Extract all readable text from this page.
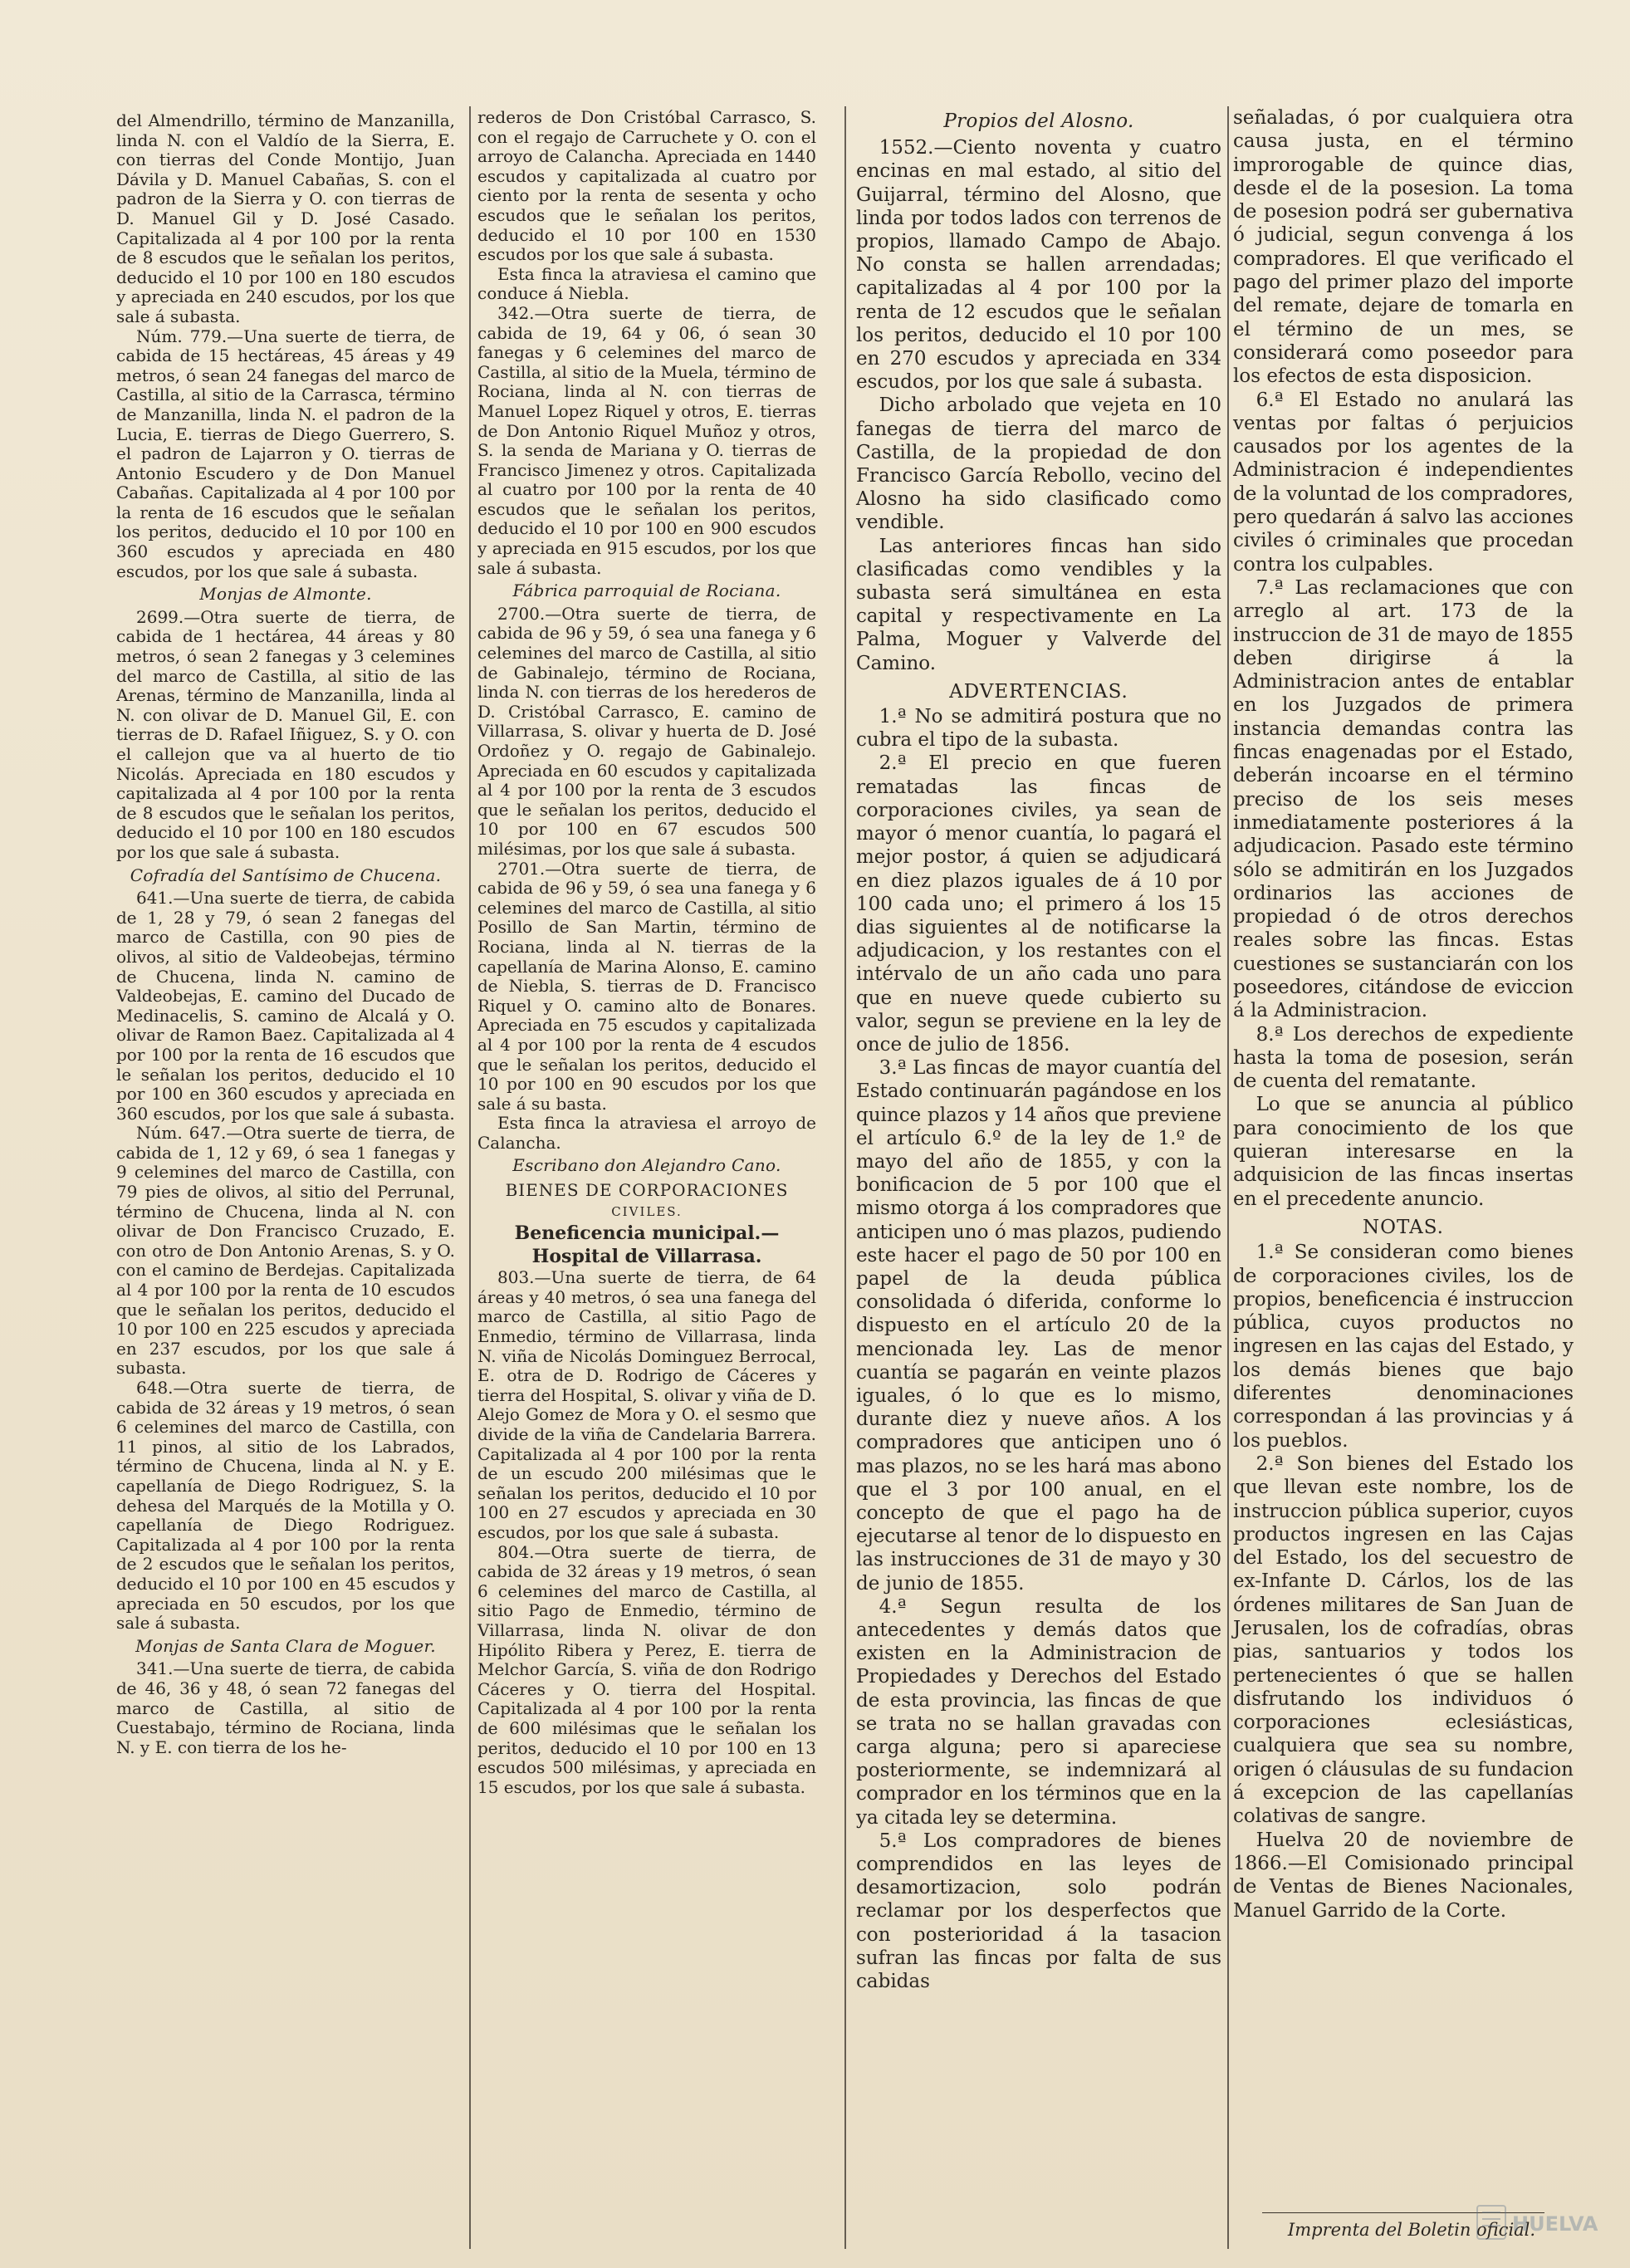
del Almendrillo, término de Manzanilla, linda N. con el Valdío de la Sierra, E. con tierras del Conde Montijo, Juan Dávila y D. Manuel Cabañas, S. con el padron de la Sierra y O. con tierras de D. Manuel Gil y D. José Casado. Capitalizada al 4 por 100 por la renta de 8 escudos que le señalan los peritos, deducido el 10 por 100 en 180 escudos y apreciada en 240 escudos, por los que sale á subasta.

Núm. 779.—Una suerte de tierra, de cabida de 15 hectáreas, 45 áreas y 49 metros, ó sean 24 fanegas del marco de Castilla, al sitio de la Carrasca, término de Manzanilla, linda N. el padron de la Lucia, E. tierras de Diego Guerrero, S. el padron de Lajarron y O. tierras de Antonio Escudero y de Don Manuel Cabañas. Capitalizada al 4 por 100 por la renta de 16 escudos que le señalan los peritos, deducido el 10 por 100 en 360 escudos y apreciada en 480 escudos, por los que sale á subasta.

Monjas de Almonte.

2699.—Otra suerte de tierra, de cabida de 1 hectárea, 44 áreas y 80 metros, ó sean 2 fanegas y 3 celemines del marco de Castilla, al sitio de las Arenas, término de Manzanilla, linda al N. con olivar de D. Manuel Gil, E. con tierras de D. Rafael Iñiguez, S. y O. con el callejon que va al huerto de tio Nicolás. Apreciada en 180 escudos y capitalizada al 4 por 100 por la renta de 8 escudos que le señalan los peritos, deducido el 10 por 100 en 180 escudos por los que sale á subasta.

Cofradía del Santísimo de Chucena.

641.—Una suerte de tierra, de cabida de 1, 28 y 79, ó sean 2 fanegas del marco de Castilla, con 90 pies de olivos, al sitio de Valdeobejas, término de Chucena, linda N. camino de Valdeobejas, E. camino del Ducado de Medinacelis, S. camino de Alcalá y O. olivar de Ramon Baez. Capitalizada al 4 por 100 por la renta de 16 escudos que le señalan los peritos, deducido el 10 por 100 en 360 escudos y apreciada en 360 escudos, por los que sale á subasta.

Núm. 647.—Otra suerte de tierra, de cabida de 1, 12 y 69, ó sea 1 fanegas y 9 celemines del marco de Castilla, con 79 pies de olivos, al sitio del Perrunal, término de Chucena, linda al N. con olivar de Don Francisco Cruzado, E. con otro de Don Antonio Arenas, S. y O. con el camino de Berdejas. Capitalizada al 4 por 100 por la renta de 10 escudos que le señalan los peritos, deducido el 10 por 100 en 225 escudos y apreciada en 237 escudos, por los que sale á subasta.

648.—Otra suerte de tierra, de cabida de 32 áreas y 19 metros, ó sean 6 celemines del marco de Castilla, con 11 pinos, al sitio de los Labrados, término de Chucena, linda al N. y E. capellanía de Diego Rodriguez, S. la dehesa del Marqués de la Motilla y O. capellanía de Diego Rodriguez. Capitalizada al 4 por 100 por la renta de 2 escudos que le señalan los peritos, deducido el 10 por 100 en 45 escudos y apreciada en 50 escudos, por los que sale á subasta.

Monjas de Santa Clara de Moguer.

341.—Una suerte de tierra, de cabida de 46, 36 y 48, ó sean 72 fanegas del marco de Castilla, al sitio de Cuestabajo, término de Rociana, linda N. y E. con tierra de los he-

rederos de Don Cristóbal Carrasco, S. con el regajo de Carruchete y O. con el arroyo de Calancha. Apreciada en 1440 escudos y capitalizada al cuatro por ciento por la renta de sesenta y ocho escudos que le señalan los peritos, deducido el 10 por 100 en 1530 escudos por los que sale á subasta.

Esta finca la atraviesa el camino que conduce á Niebla.

342.—Otra suerte de tierra, de cabida de 19, 64 y 06, ó sean 30 fanegas y 6 celemines del marco de Castilla, al sitio de la Muela, término de Rociana, linda al N. con tierras de Manuel Lopez Riquel y otros, E. tierras de Don Antonio Riquel Muñoz y otros, S. la senda de Mariana y O. tierras de Francisco Jimenez y otros. Capitalizada al cuatro por 100 por la renta de 40 escudos que le señalan los peritos, deducido el 10 por 100 en 900 escudos y apreciada en 915 escudos, por los que sale á subasta.

Fábrica parroquial de Rociana.

2700.—Otra suerte de tierra, de cabida de 96 y 59, ó sea una fanega y 6 celemines del marco de Castilla, al sitio de Gabinalejo, término de Rociana, linda N. con tierras de los herederos de D. Cristóbal Carrasco, E. camino de Villarrasa, S. olivar y huerta de D. José Ordoñez y O. regajo de Gabinalejo. Apreciada en 60 escudos y capitalizada al 4 por 100 por la renta de 3 escudos que le señalan los peritos, deducido el 10 por 100 en 67 escudos 500 milésimas, por los que sale á subasta.

2701.—Otra suerte de tierra, de cabida de 96 y 59, ó sea una fanega y 6 celemines del marco de Castilla, al sitio Posillo de San Martin, término de Rociana, linda al N. tierras de la capellanía de Marina Alonso, E. camino de Niebla, S. tierras de D. Francisco Riquel y O. camino alto de Bonares. Apreciada en 75 escudos y capitalizada al 4 por 100 por la renta de 4 escudos que le señalan los peritos, deducido el 10 por 100 en 90 escudos por los que sale á su basta.

Esta finca la atraviesa el arroyo de Calancha.

Escribano don Alejandro Cano.
BIENES DE CORPORACIONES
CIVILES.
Beneficencia municipal.—Hospital de Villarrasa.

803.—Una suerte de tierra, de 64 áreas y 40 metros, ó sea una fanega del marco de Castilla, al sitio Pago de Enmedio, término de Villarrasa, linda N. viña de Nicolás Dominguez Berrocal, E. otra de D. Rodrigo de Cáceres y tierra del Hospital, S. olivar y viña de D. Alejo Gomez de Mora y O. el sesmo que divide de la viña de Candelaria Barrera. Capitalizada al 4 por 100 por la renta de un escudo 200 milésimas que le señalan los peritos, deducido el 10 por 100 en 27 escudos y apreciada en 30 escudos, por los que sale á subasta.

804.—Otra suerte de tierra, de cabida de 32 áreas y 19 metros, ó sean 6 celemines del marco de Castilla, al sitio Pago de Enmedio, término de Villarrasa, linda N. olivar de don Hipólito Ribera y Perez, E. tierra de Melchor García, S. viña de don Rodrigo Cáceres y O. tierra del Hospital. Capitalizada al 4 por 100 por la renta de 600 milésimas que le señalan los peritos, deducido el 10 por 100 en 13 escudos 500 milésimas, y apreciada en 15 escudos, por los que sale á subasta.

Propios del Alosno.

1552.—Ciento noventa y cuatro encinas en mal estado, al sitio del Guijarral, término del Alosno, que linda por todos lados con terrenos de propios, llamado Campo de Abajo. No consta se hallen arrendadas; capitalizadas al 4 por 100 por la renta de 12 escudos que le señalan los peritos, deducido el 10 por 100 en 270 escudos y apreciada en 334 escudos, por los que sale á subasta.

Dicho arbolado que vejeta en 10 fanegas de tierra del marco de Castilla, de la propiedad de don Francisco García Rebollo, vecino del Alosno ha sido clasificado como vendible.

Las anteriores fincas han sido clasificadas como vendibles y la subasta será simultánea en esta capital y respectivamente en La Palma, Moguer y Valverde del Camino.

ADVERTENCIAS.

1.ª No se admitirá postura que no cubra el tipo de la subasta.

2.ª El precio en que fueren rematadas las fincas de corporaciones civiles, ya sean de mayor ó menor cuantía, lo pagará el mejor postor, á quien se adjudicará en diez plazos iguales de á 10 por 100 cada uno; el primero á los 15 dias siguientes al de notificarse la adjudicacion, y los restantes con el intérvalo de un año cada uno para que en nueve quede cubierto su valor, segun se previene en la ley de once de julio de 1856.

3.ª Las fincas de mayor cuantía del Estado continuarán pagándose en los quince plazos y 14 años que previene el artículo 6.º de la ley de 1.º de mayo del año de 1855, y con la bonificacion de 5 por 100 que el mismo otorga á los compradores que anticipen uno ó mas plazos, pudiendo este hacer el pago de 50 por 100 en papel de la deuda pública consolidada ó diferida, conforme lo dispuesto en el artículo 20 de la mencionada ley. Las de menor cuantía se pagarán en veinte plazos iguales, ó lo que es lo mismo, durante diez y nueve años. A los compradores que anticipen uno ó mas plazos, no se les hará mas abono que el 3 por 100 anual, en el concepto de que el pago ha de ejecutarse al tenor de lo dispuesto en las instrucciones de 31 de mayo y 30 de junio de 1855.

4.ª Segun resulta de los antecedentes y demás datos que existen en la Administracion de Propiedades y Derechos del Estado de esta provincia, las fincas de que se trata no se hallan gravadas con carga alguna; pero si apareciese posteriormente, se indemnizará al comprador en los términos que en la ya citada ley se determina.

5.ª Los compradores de bienes comprendidos en las leyes de desamortizacion, solo podrán reclamar por los desperfectos que con posterioridad á la tasacion sufran las fincas por falta de sus cabidas

señaladas, ó por cualquiera otra causa justa, en el término improrogable de quince dias, desde el de la posesion. La toma de posesion podrá ser gubernativa ó judicial, segun convenga á los compradores. El que verificado el pago del primer plazo del importe del remate, dejare de tomarla en el término de un mes, se considerará como poseedor para los efectos de esta disposicion.

6.ª El Estado no anulará las ventas por faltas ó perjuicios causados por los agentes de la Administracion é independientes de la voluntad de los compradores, pero quedarán á salvo las acciones civiles ó criminales que procedan contra los culpables.

7.ª Las reclamaciones que con arreglo al art. 173 de la instruccion de 31 de mayo de 1855 deben dirigirse á la Administracion antes de entablar en los Juzgados de primera instancia demandas contra las fincas enagenadas por el Estado, deberán incoarse en el término preciso de los seis meses inmediatamente posteriores á la adjudicacion. Pasado este término sólo se admitirán en los Juzgados ordinarios las acciones de propiedad ó de otros derechos reales sobre las fincas. Estas cuestiones se sustanciarán con los poseedores, citándose de eviccion á la Administracion.

8.ª Los derechos de expediente hasta la toma de posesion, serán de cuenta del rematante.

Lo que se anuncia al público para conocimiento de los que quieran interesarse en la adquisicion de las fincas insertas en el precedente anuncio.

NOTAS.

1.ª Se consideran como bienes de corporaciones civiles, los de propios, beneficencia é instruccion pública, cuyos productos no ingresen en las cajas del Estado, y los demás bienes que bajo diferentes denominaciones correspondan á las provincias y á los pueblos.

2.ª Son bienes del Estado los que llevan este nombre, los de instruccion pública superior, cuyos productos ingresen en las Cajas del Estado, los del secuestro de ex-Infante D. Cárlos, los de las órdenes militares de San Juan de Jerusalen, los de cofradías, obras pias, santuarios y todos los pertenecientes ó que se hallen disfrutando los individuos ó corporaciones eclesiásticas, cualquiera que sea su nombre, origen ó cláusulas de su fundacion á excepcion de las capellanías colativas de sangre.

Huelva 20 de noviembre de 1866.—El Comisionado principal de Ventas de Bienes Nacionales, Manuel Garrido de la Corte.

Imprenta del Boletin oficial.
HUELVA
